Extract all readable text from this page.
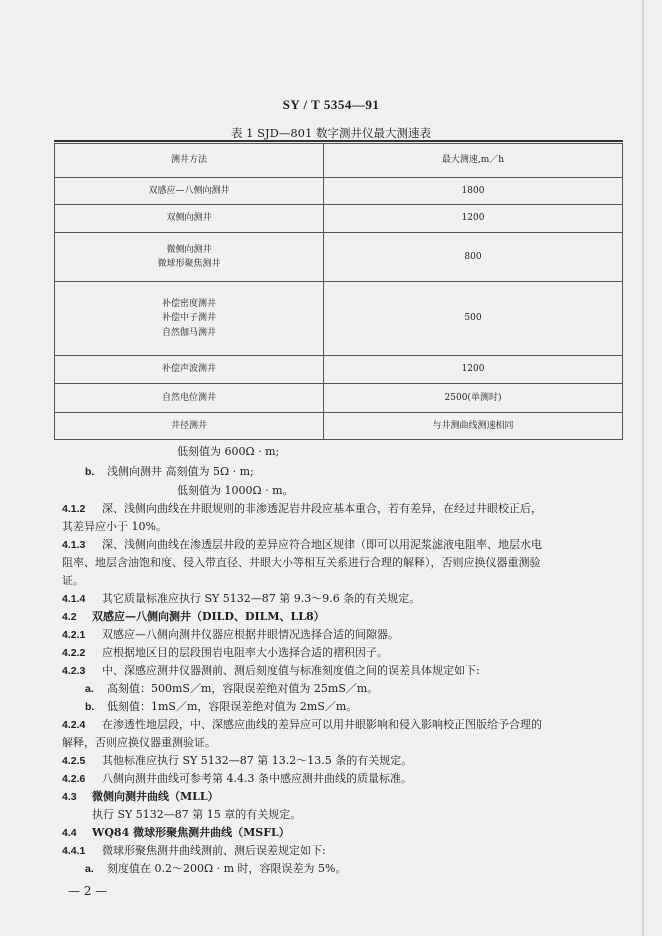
SY / T 5354—91
表 1 SJD—801 数字测井仪最大测速表
测井方法	最大测速,m／h

双感应—八侧向测井	1800

双侧向测井	1200

微侧向测井
微球形聚焦测井	800

补偿密度测井
补偿中子测井
自然伽马测井	500

补偿声波测井	1200

自然电位测井	2500(单测时)

井径测井	与井测曲线测速相同
低刻值为 600Ω · m;
b. 浅侧向测井 高刻值为 5Ω · m;
低刻值为 1000Ω · m。
4.1.2 深、浅侧向曲线在井眼规则的非渗透泥岩井段应基本重合，若有差异，在经过井眼校正后，
其差异应小于 10%。
4.1.3 深、浅侧向曲线在渗透层井段的差异应符合地区规律（即可以用泥浆滤液电阻率、地层水电
阻率、地层含油饱和度、侵入带直径、井眼大小等相互关系进行合理的解释），否则应换仪器重测验
证。
4.1.4 其它质量标准应执行 SY 5132—87 第 9.3～9.6 条的有关规定。
4.2 双感应—八侧向测井（DILD、DILM、LL8）
4.2.1 双感应—八侧向测井仪器应根据井眼情况选择合适的间隙器。
4.2.2 应根据地区目的层段围岩电阻率大小选择合适的褶积因子。
4.2.3 中、深感应测井仪器测前、测后刻度值与标准刻度值之间的误差具体规定如下:
a. 高刻值：500mS／m，容限误差绝对值为 25mS／m。
b. 低刻值：1mS／m，容限误差绝对值为 2mS／m。
4.2.4 在渗透性地层段，中、深感应曲线的差异应可以用井眼影响和侵入影响校正图版给予合理的
解释，否则应换仪器重测验证。
4.2.5 其他标准应执行 SY 5132—87 第 13.2～13.5 条的有关规定。
4.2.6 八侧向测井曲线可参考第 4.4.3 条中感应测井曲线的质量标准。
4.3 微侧向测井曲线（MLL）
执行 SY 5132—87 第 15 章的有关规定。
4.4 WQ84 微球形聚焦测井曲线（MSFL）
4.4.1 微球形聚焦测井曲线测前、测后误差规定如下:
a. 刻度值在 0.2～200Ω · m 时，容限误差为 5%。
— 2 —
